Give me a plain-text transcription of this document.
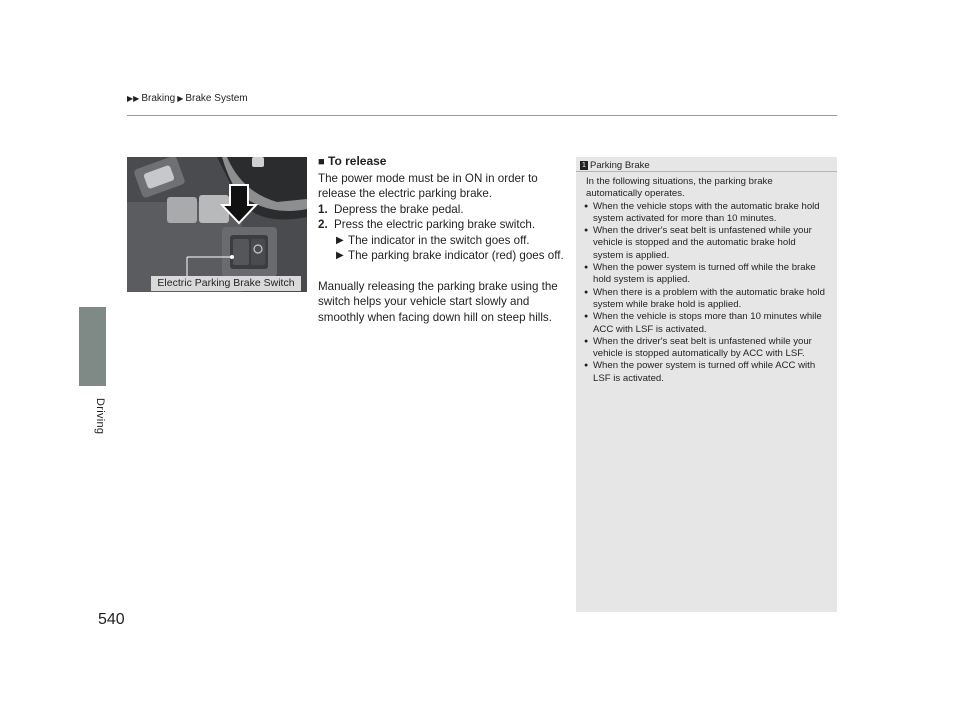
▶▶ Braking ▶ Brake System
Driving
Electric Parking Brake Switch
■ To release

The power mode must be in ON in order to release the electric parking brake.

1. Depress the brake pedal.
2. Press the electric parking brake switch.
▶ The indicator in the switch goes off.
▶ The parking brake indicator (red) goes off.

Manually releasing the parking brake using the switch helps your vehicle start slowly and smoothly when facing down hill on steep hills.

1 Parking Brake

In the following situations, the parking brake automatically operates.

● When the vehicle stops with the automatic brake hold system activated for more than 10 minutes.
● When the driver's seat belt is unfastened while your vehicle is stopped and the automatic brake hold system is applied.
● When the power system is turned off while the brake hold system is applied.
● When there is a problem with the automatic brake hold system while brake hold is applied.
● When the vehicle is stops more than 10 minutes while ACC with LSF is activated.
● When the driver's seat belt is unfastened while your vehicle is stopped automatically by ACC with LSF.
● When the power system is turned off while ACC with LSF is activated.
540
